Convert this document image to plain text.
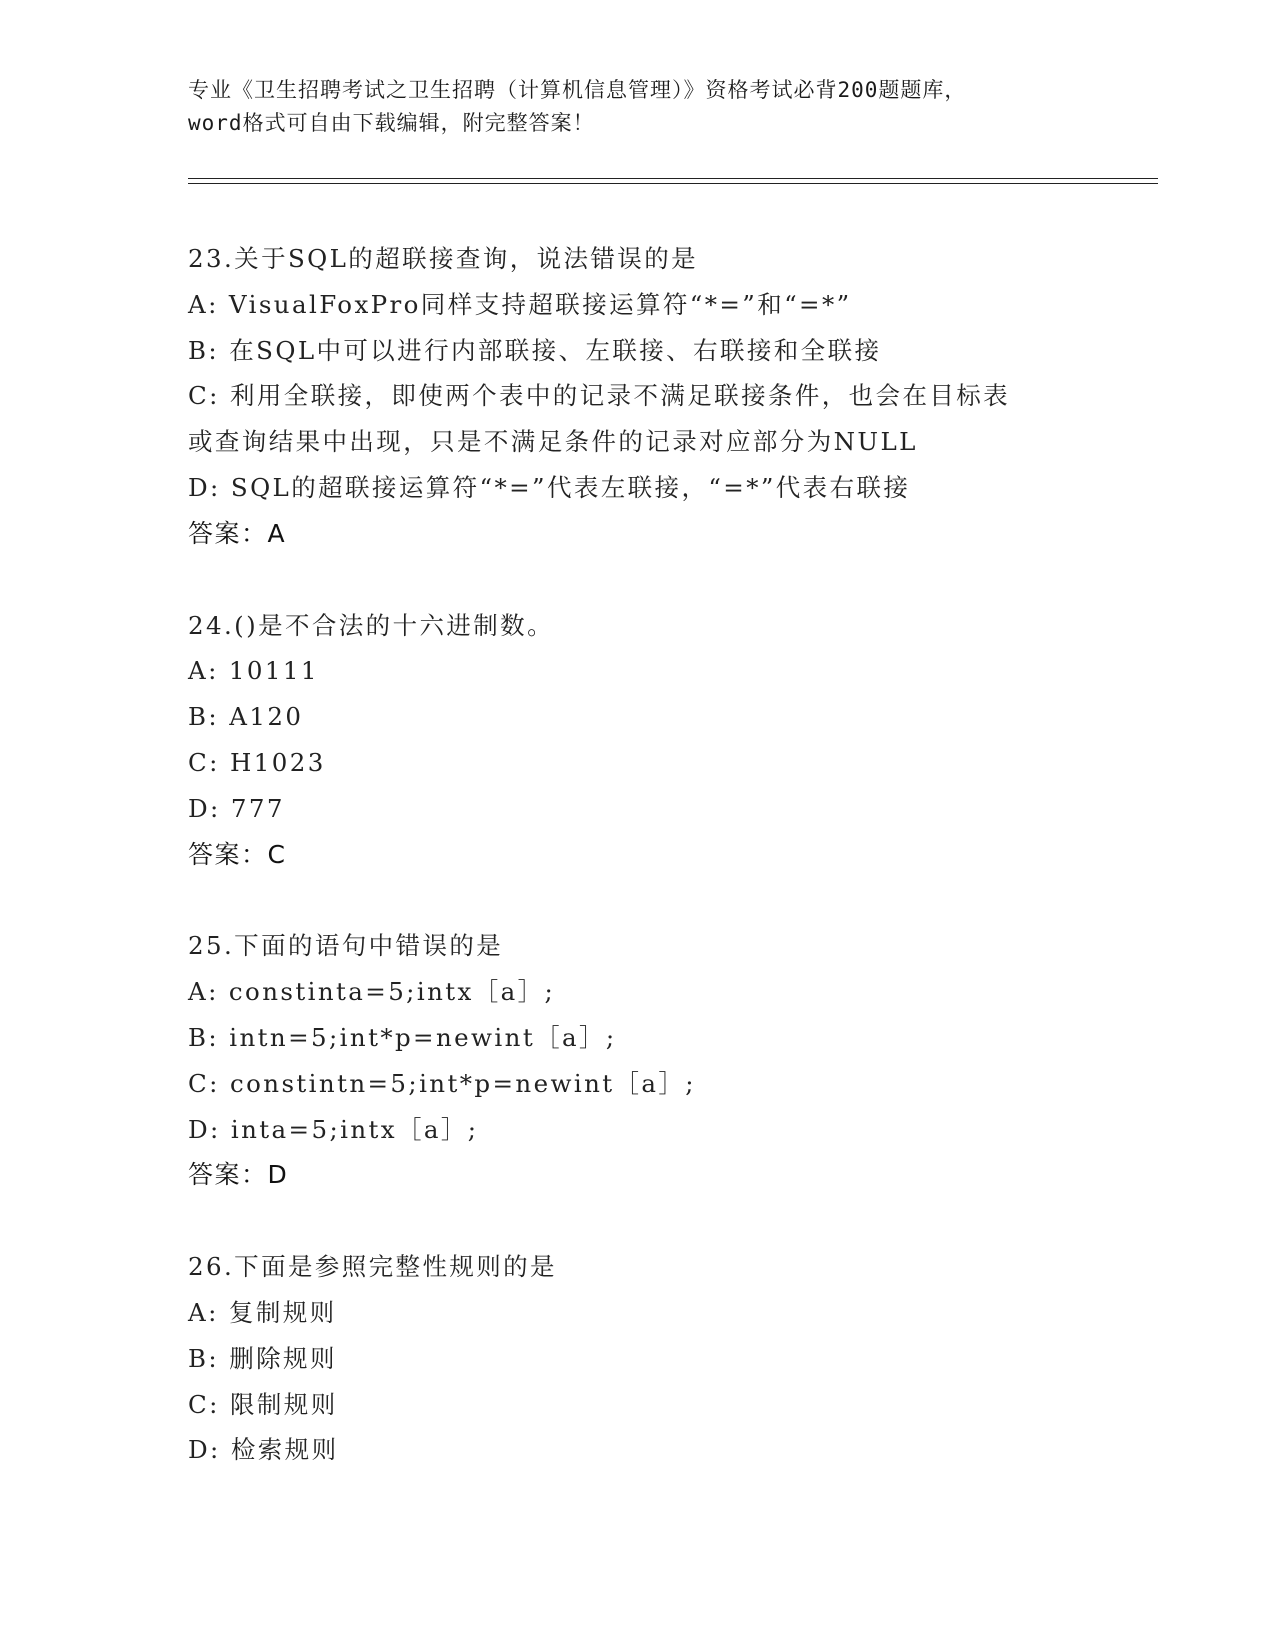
专业《卫生招聘考试之卫生招聘（计算机信息管理）》资格考试必背200题题库，
word格式可自由下载编辑，附完整答案！
23.关于SQL的超联接查询，说法错误的是
A: VisualFoxPro同样支持超联接运算符“*=”和“=*”
B: 在SQL中可以进行内部联接、左联接、右联接和全联接
C: 利用全联接，即使两个表中的记录不满足联接条件，也会在目标表
或查询结果中出现，只是不满足条件的记录对应部分为NULL
D: SQL的超联接运算符“*=”代表左联接，“=*”代表右联接
答案：A
24.()是不合法的十六进制数。
A: 10111
B: A120
C: H1023
D: 777
答案：C
25.下面的语句中错误的是
A: constinta=5;intx［a］;
B: intn=5;int*p=newint［a］;
C: constintn=5;int*p=newint［a］;
D: inta=5;intx［a］;
答案：D
26.下面是参照完整性规则的是
A: 复制规则
B: 删除规则
C: 限制规则
D: 检索规则
